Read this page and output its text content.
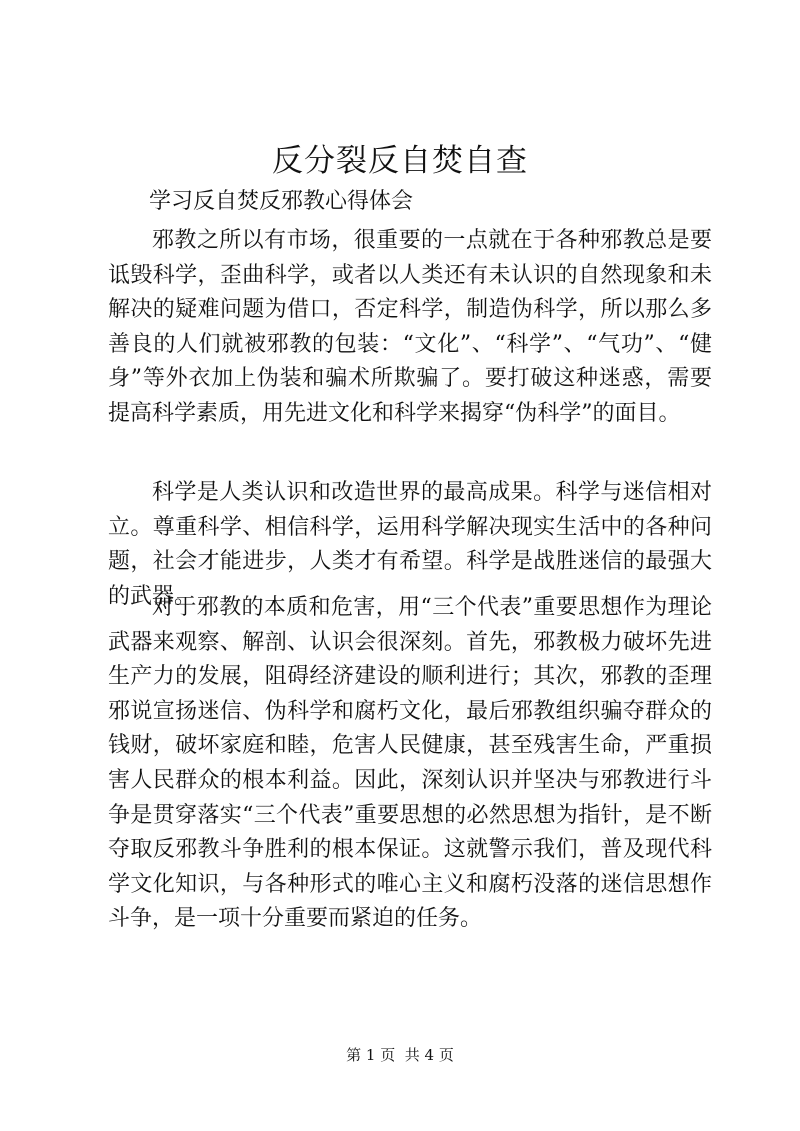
反分裂反自焚自查
学习反自焚反邪教心得体会

邪教之所以有市场，很重要的一点就在于各种邪教总是要诋毁科学，歪曲科学，或者以人类还有未认识的自然现象和未解决的疑难问题为借口，否定科学，制造伪科学，所以那么多善良的人们就被邪教的包装：“文化”、“科学”、“气功”、“健身”等外衣加上伪装和骗术所欺骗了。要打破这种迷惑，需要提高科学素质，用先进文化和科学来揭穿“伪科学”的面目。

科学是人类认识和改造世界的最高成果。科学与迷信相对立。尊重科学、相信科学，运用科学解决现实生活中的各种问题，社会才能进步，人类才有希望。科学是战胜迷信的最强大的武器。

对于邪教的本质和危害，用“三个代表”重要思想作为理论武器来观察、解剖、认识会很深刻。首先，邪教极力破坏先进生产力的发展，阻碍经济建设的顺利进行；其次，邪教的歪理邪说宣扬迷信、伪科学和腐朽文化，最后邪教组织骗夺群众的钱财，破坏家庭和睦，危害人民健康，甚至残害生命，严重损害人民群众的根本利益。因此，深刻认识并坚决与邪教进行斗争是贯穿落实“三个代表”重要思想的必然思想为指针，是不断夺取反邪教斗争胜利的根本保证。这就警示我们，普及现代科学文化知识，与各种形式的唯心主义和腐朽没落的迷信思想作斗争，是一项十分重要而紧迫的任务。

第 1 页  共 4 页
